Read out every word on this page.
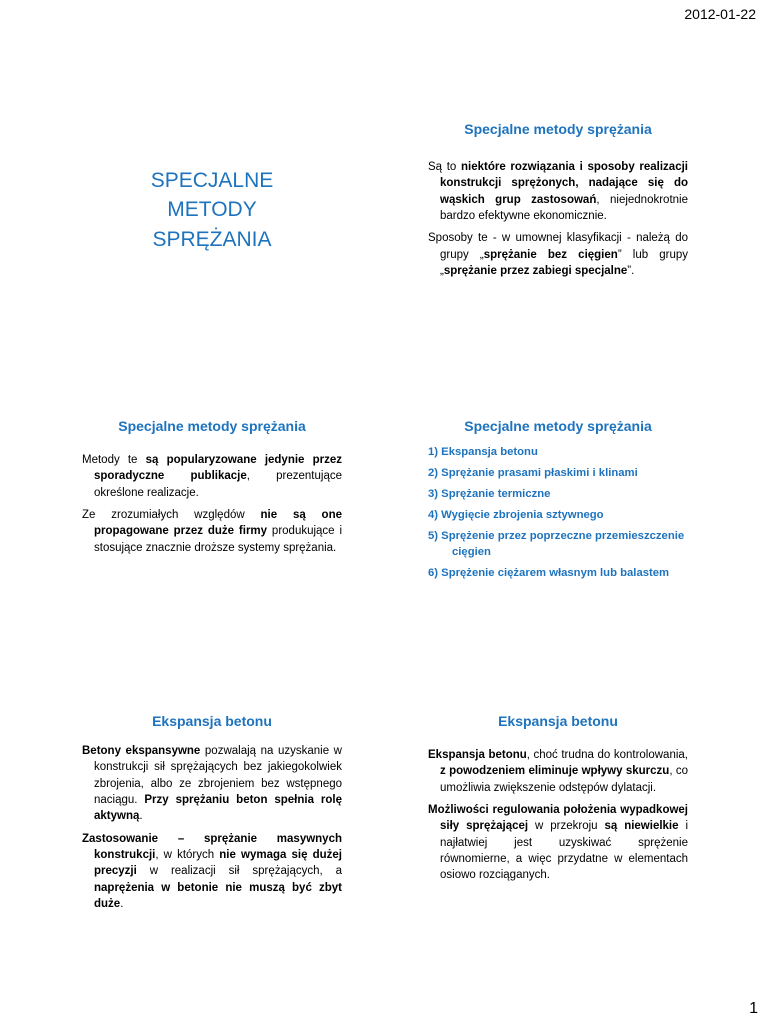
2012-01-22
SPECJALNE
METODY
SPRĘŻANIA
Specjalne metody sprężania

Są to niektóre rozwiązania i sposoby realizacji konstrukcji sprężonych, nadające się do wąskich grup zastosowań, niejednokrotnie bardzo efektywne ekonomicznie.

Sposoby te - w umownej klasyfikacji - należą do grupy „sprężanie bez cięgien” lub grupy „sprężanie przez zabiegi specjalne”.

Specjalne metody sprężania

Metody te są popularyzowane jedynie przez sporadyczne publikacje, prezentujące określone realizacje.

Ze zrozumiałych względów nie są one propagowane przez duże firmy produkujące i stosujące znacznie droższe systemy sprężania.

Specjalne metody sprężania
1) Ekspansja betonu
2) Sprężanie prasami płaskimi i klinami
3) Sprężanie termiczne
4) Wygięcie zbrojenia sztywnego
5) Sprężenie przez poprzeczne przemieszczenie cięgien
6) Sprężenie ciężarem własnym lub balastem
Ekspansja betonu

Betony ekspansywne pozwalają na uzyskanie w konstrukcji sił sprężających bez jakiegokolwiek zbrojenia, albo ze zbrojeniem bez wstępnego naciągu. Przy sprężaniu beton spełnia rolę aktywną.

Zastosowanie – sprężanie masywnych konstrukcji, w których nie wymaga się dużej precyzji w realizacji sił sprężających, a naprężenia w betonie nie muszą być zbyt duże.

Ekspansja betonu

Ekspansja betonu, choć trudna do kontrolowania, z powodzeniem eliminuje wpływy skurczu, co umożliwia zwiększenie odstępów dylatacji.

Możliwości regulowania położenia wypadkowej siły sprężającej w przekroju są niewielkie i najłatwiej jest uzyskiwać sprężenie równomierne, a więc przydatne w elementach osiowo rozciąganych.

1
